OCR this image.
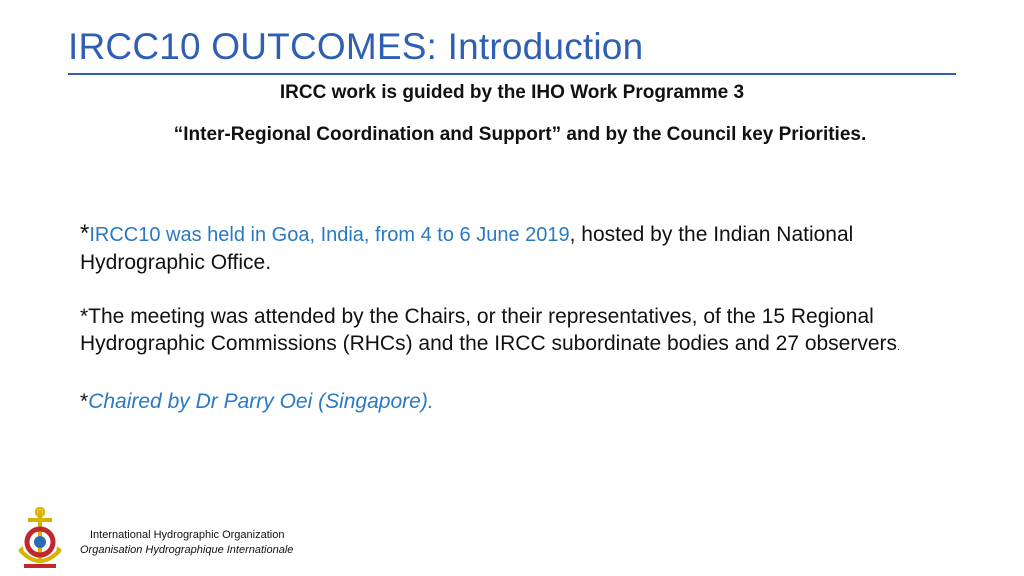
IRCC10 OUTCOMES: Introduction

IRCC work is guided by the IHO Work Programme 3

“Inter-Regional Coordination and Support” and by the Council key Priorities.

*IRCC10 was held in Goa, India, from 4 to 6 June 2019, hosted by the Indian National Hydrographic Office.

*The meeting was attended by the Chairs, or their representatives, of the 15 Regional Hydrographic Commissions (RHCs) and the IRCC subordinate bodies and 27 observers.

*Chaired by Dr Parry Oei (Singapore).

International Hydrographic Organization
Organisation Hydrographique Internationale
